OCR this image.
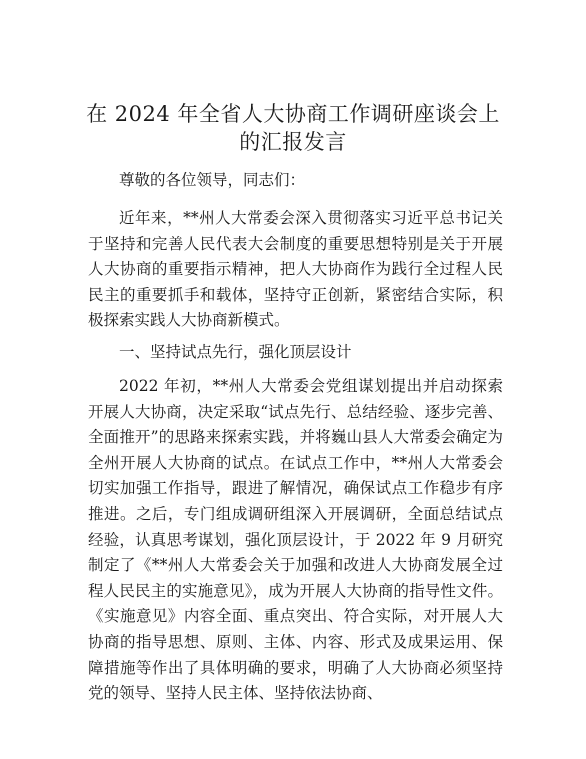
在 2024 年全省人大协商工作调研座谈会上的汇报发言

尊敬的各位领导，同志们：

近年来，**州人大常委会深入贯彻落实习近平总书记关于坚持和完善人民代表大会制度的重要思想特别是关于开展人大协商的重要指示精神，把人大协商作为践行全过程人民民主的重要抓手和载体，坚持守正创新，紧密结合实际，积极探索实践人大协商新模式。

一、坚持试点先行，强化顶层设计

2022 年初，**州人大常委会党组谋划提出并启动探索开展人大协商，决定采取“试点先行、总结经验、逐步完善、全面推开”的思路来探索实践，并将巍山县人大常委会确定为全州开展人大协商的试点。在试点工作中，**州人大常委会切实加强工作指导，跟进了解情况，确保试点工作稳步有序推进。之后，专门组成调研组深入开展调研，全面总结试点经验，认真思考谋划，强化顶层设计，于 2022 年 9 月研究制定了《**州人大常委会关于加强和改进人大协商发展全过程人民民主的实施意见》，成为开展人大协商的指导性文件。《实施意见》内容全面、重点突出、符合实际，对开展人大协商的指导思想、原则、主体、内容、形式及成果运用、保障措施等作出了具体明确的要求，明确了人大协商必须坚持党的领导、坚持人民主体、坚持依法协商、
